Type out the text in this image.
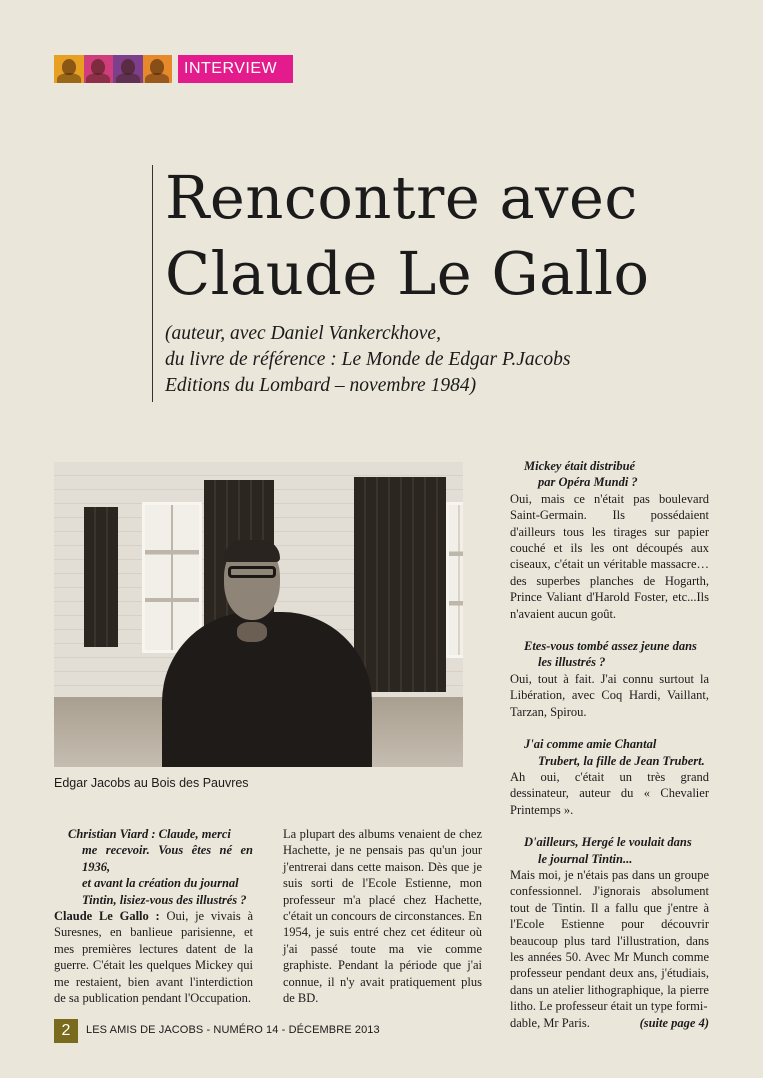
INTERVIEW
Rencontre avec
Claude Le Gallo

(auteur, avec Daniel Vankerckhove,
du livre de référence : Le Monde de Edgar P.Jacobs
Editions du Lombard – novembre 1984)

Edgar Jacobs au Bois des Pauvres

Christian Viard : Claude, merci
me recevoir. Vous êtes né en 1936,
et avant la création du journal
Tintin, lisiez-vous des illustrés ?

Claude Le Gallo : Oui, je vivais à Suresnes, en banlieue parisienne, et mes premières lectures datent de la guerre. C'était les quelques Mickey qui me restaient, bien avant l'interdiction de sa publication pendant l'Occupation.

La plupart des albums venaient de chez Hachette, je ne pensais pas qu'un jour j'entrerai dans cette maison. Dès que je suis sorti de l'Ecole Estienne, mon professeur m'a placé chez Hachette, c'était un concours de circonstances. En 1954, je suis entré chez cet éditeur où j'ai passé toute ma vie comme graphiste. Pendant la période que j'ai connue, il n'y avait pratiquement plus de BD.

Mickey était distribué
par Opéra Mundi ?

Oui, mais ce n'était pas boulevard Saint-Germain. Ils possédaient d'ailleurs tous les tirages sur papier couché et ils les ont découpés aux ciseaux, c'était un véritable massacre…des superbes planches de Hogarth, Prince Valiant d'Harold Foster, etc...Ils n'avaient aucun goût.

Etes-vous tombé assez jeune dans
les illustrés ?

Oui, tout à fait. J'ai connu surtout la Libération, avec Coq Hardi, Vaillant, Tarzan, Spirou.

J'ai comme amie Chantal
Trubert, la fille de Jean Trubert.

Ah oui, c'était un très grand dessinateur, auteur du « Chevalier Printemps ».

D'ailleurs, Hergé le voulait dans
le journal Tintin...

Mais moi, je n'étais pas dans un groupe confessionnel. J'ignorais absolument tout de Tintin. Il a fallu que j'entre à l'Ecole Estienne pour découvrir beaucoup plus tard l'illustration, dans les années 50. Avec Mr Munch comme professeur pendant deux ans, j'étudiais, dans un atelier lithographique, la pierre litho. Le professeur était un type formi-

dable, Mr Paris.	(suite page 4)
2	LES AMIS DE JACOBS - NUMÉRO 14 - DÉCEMBRE 2013
